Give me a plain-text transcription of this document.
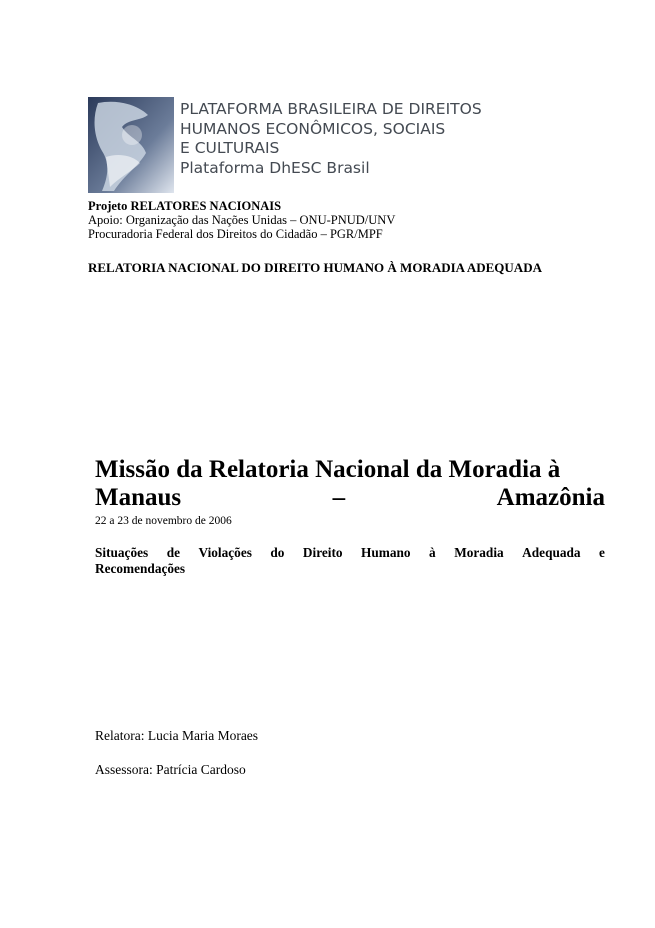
PLATAFORMA BRASILEIRA DE DIREITOS
HUMANOS ECONÔMICOS, SOCIAIS
E CULTURAIS
Plataforma DhESC Brasil
Projeto RELATORES NACIONAIS
Apoio: Organização das Nações Unidas – ONU-PNUD/UNV
Procuradoria Federal dos Direitos do Cidadão – PGR/MPF
RELATORIA NACIONAL DO DIREITO HUMANO À MORADIA ADEQUADA
Missão da Relatoria Nacional da Moradia à
Manaus	–	Amazônia
22 a 23 de novembro de 2006
Situações de Violações do Direito Humano à Moradia Adequada e
Recomendações
Relatora: Lucia Maria Moraes
Assessora: Patrícia Cardoso
